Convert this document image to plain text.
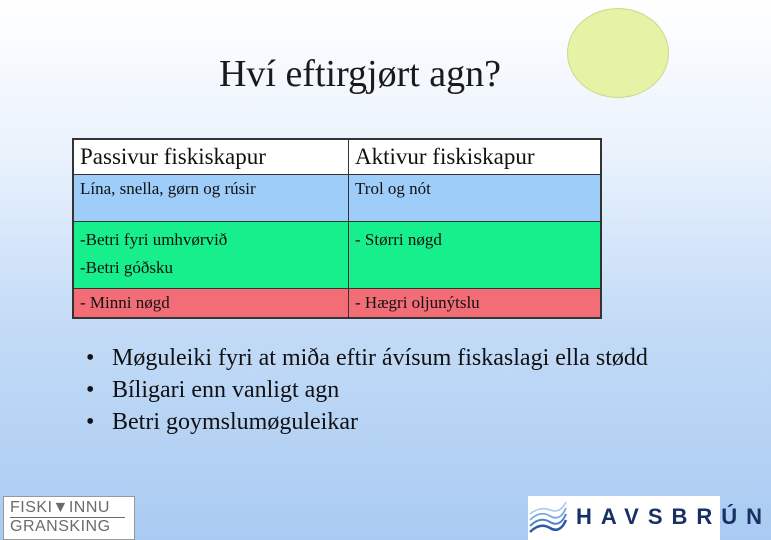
Hví eftirgjørt agn?
Passivur fiskiskapur	Aktivur fiskiskapur
Lína, snella, gørn og rúsir	Trol og nót

-Betri fyri umhvørvið
-Betri góðsku	- Størri nøgd
- Minni nøgd	- Hægri oljunýtslu
• Møguleiki fyri at miða eftir ávísum fiskaslagi ella stødd
• Bíligari enn vanligt agn
• Betri goymslumøguleikar
FISKI▼INNU
GRANSKING	HAVSBRÚN
